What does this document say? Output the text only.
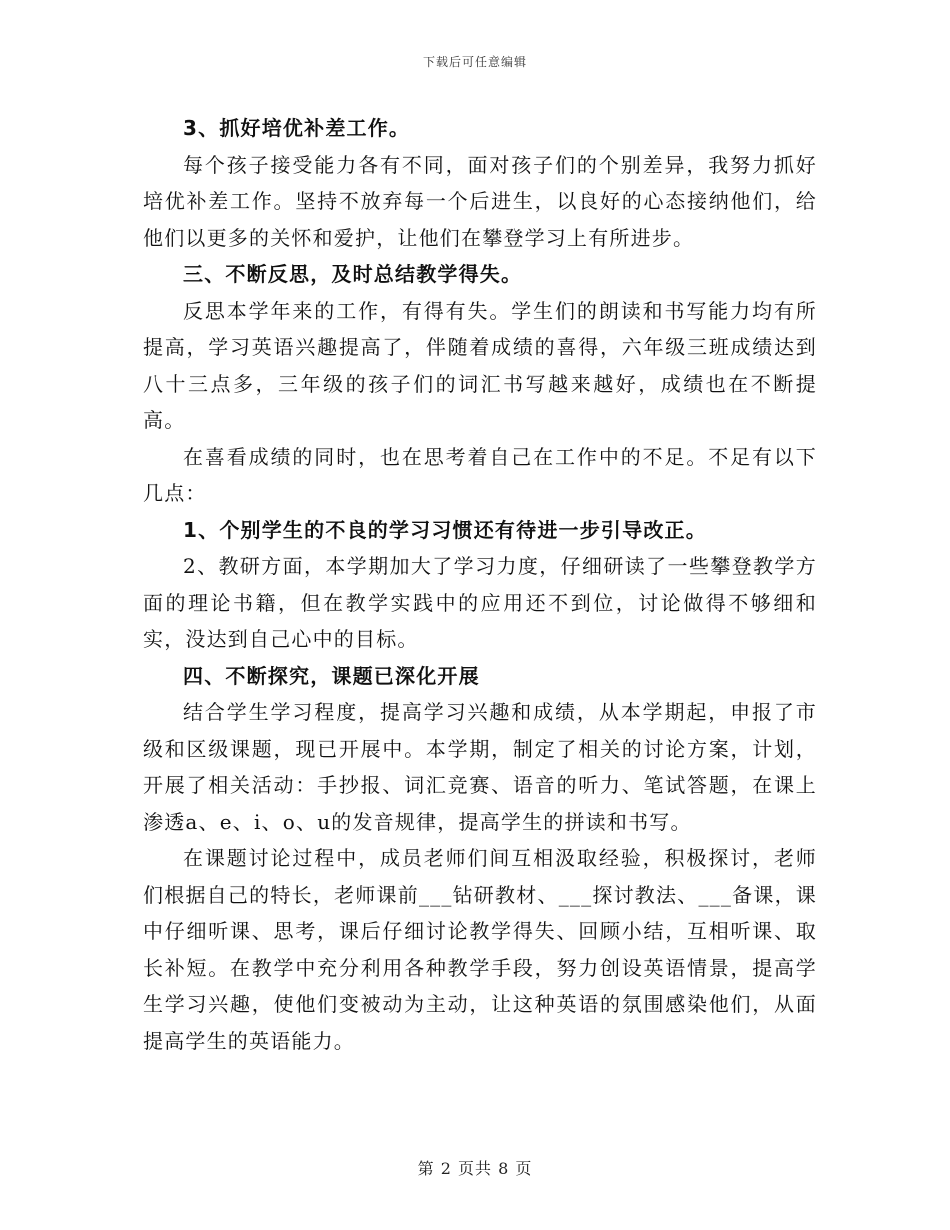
下载后可任意编辑

3、抓好培优补差工作。

每个孩子接受能力各有不同，面对孩子们的个别差异，我努力抓好培优补差工作。坚持不放弃每一个后进生，以良好的心态接纳他们，给他们以更多的关怀和爱护，让他们在攀登学习上有所进步。

三、不断反思，及时总结教学得失。

反思本学年来的工作，有得有失。学生们的朗读和书写能力均有所提高，学习英语兴趣提高了，伴随着成绩的喜得，六年级三班成绩达到八十三点多，三年级的孩子们的词汇书写越来越好，成绩也在不断提高。

在喜看成绩的同时，也在思考着自己在工作中的不足。不足有以下几点：

1、个别学生的不良的学习习惯还有待进一步引导改正。

2、教研方面，本学期加大了学习力度，仔细研读了一些攀登教学方面的理论书籍，但在教学实践中的应用还不到位，讨论做得不够细和实，没达到自己心中的目标。

四、不断探究，课题已深化开展

结合学生学习程度，提高学习兴趣和成绩，从本学期起，申报了市级和区级课题，现已开展中。本学期，制定了相关的讨论方案，计划，开展了相关活动：手抄报、词汇竞赛、语音的听力、笔试答题，在课上渗透a、e、i、o、u的发音规律，提高学生的拼读和书写。

在课题讨论过程中，成员老师们间互相汲取经验，积极探讨，老师们根据自己的特长，老师课前___钻研教材、___探讨教法、___备课，课中仔细听课、思考，课后仔细讨论教学得失、回顾小结，互相听课、取长补短。在教学中充分利用各种教学手段，努力创设英语情景，提高学生学习兴趣，使他们变被动为主动，让这种英语的氛围感染他们，从面提高学生的英语能力。

第 2 页共 8 页
